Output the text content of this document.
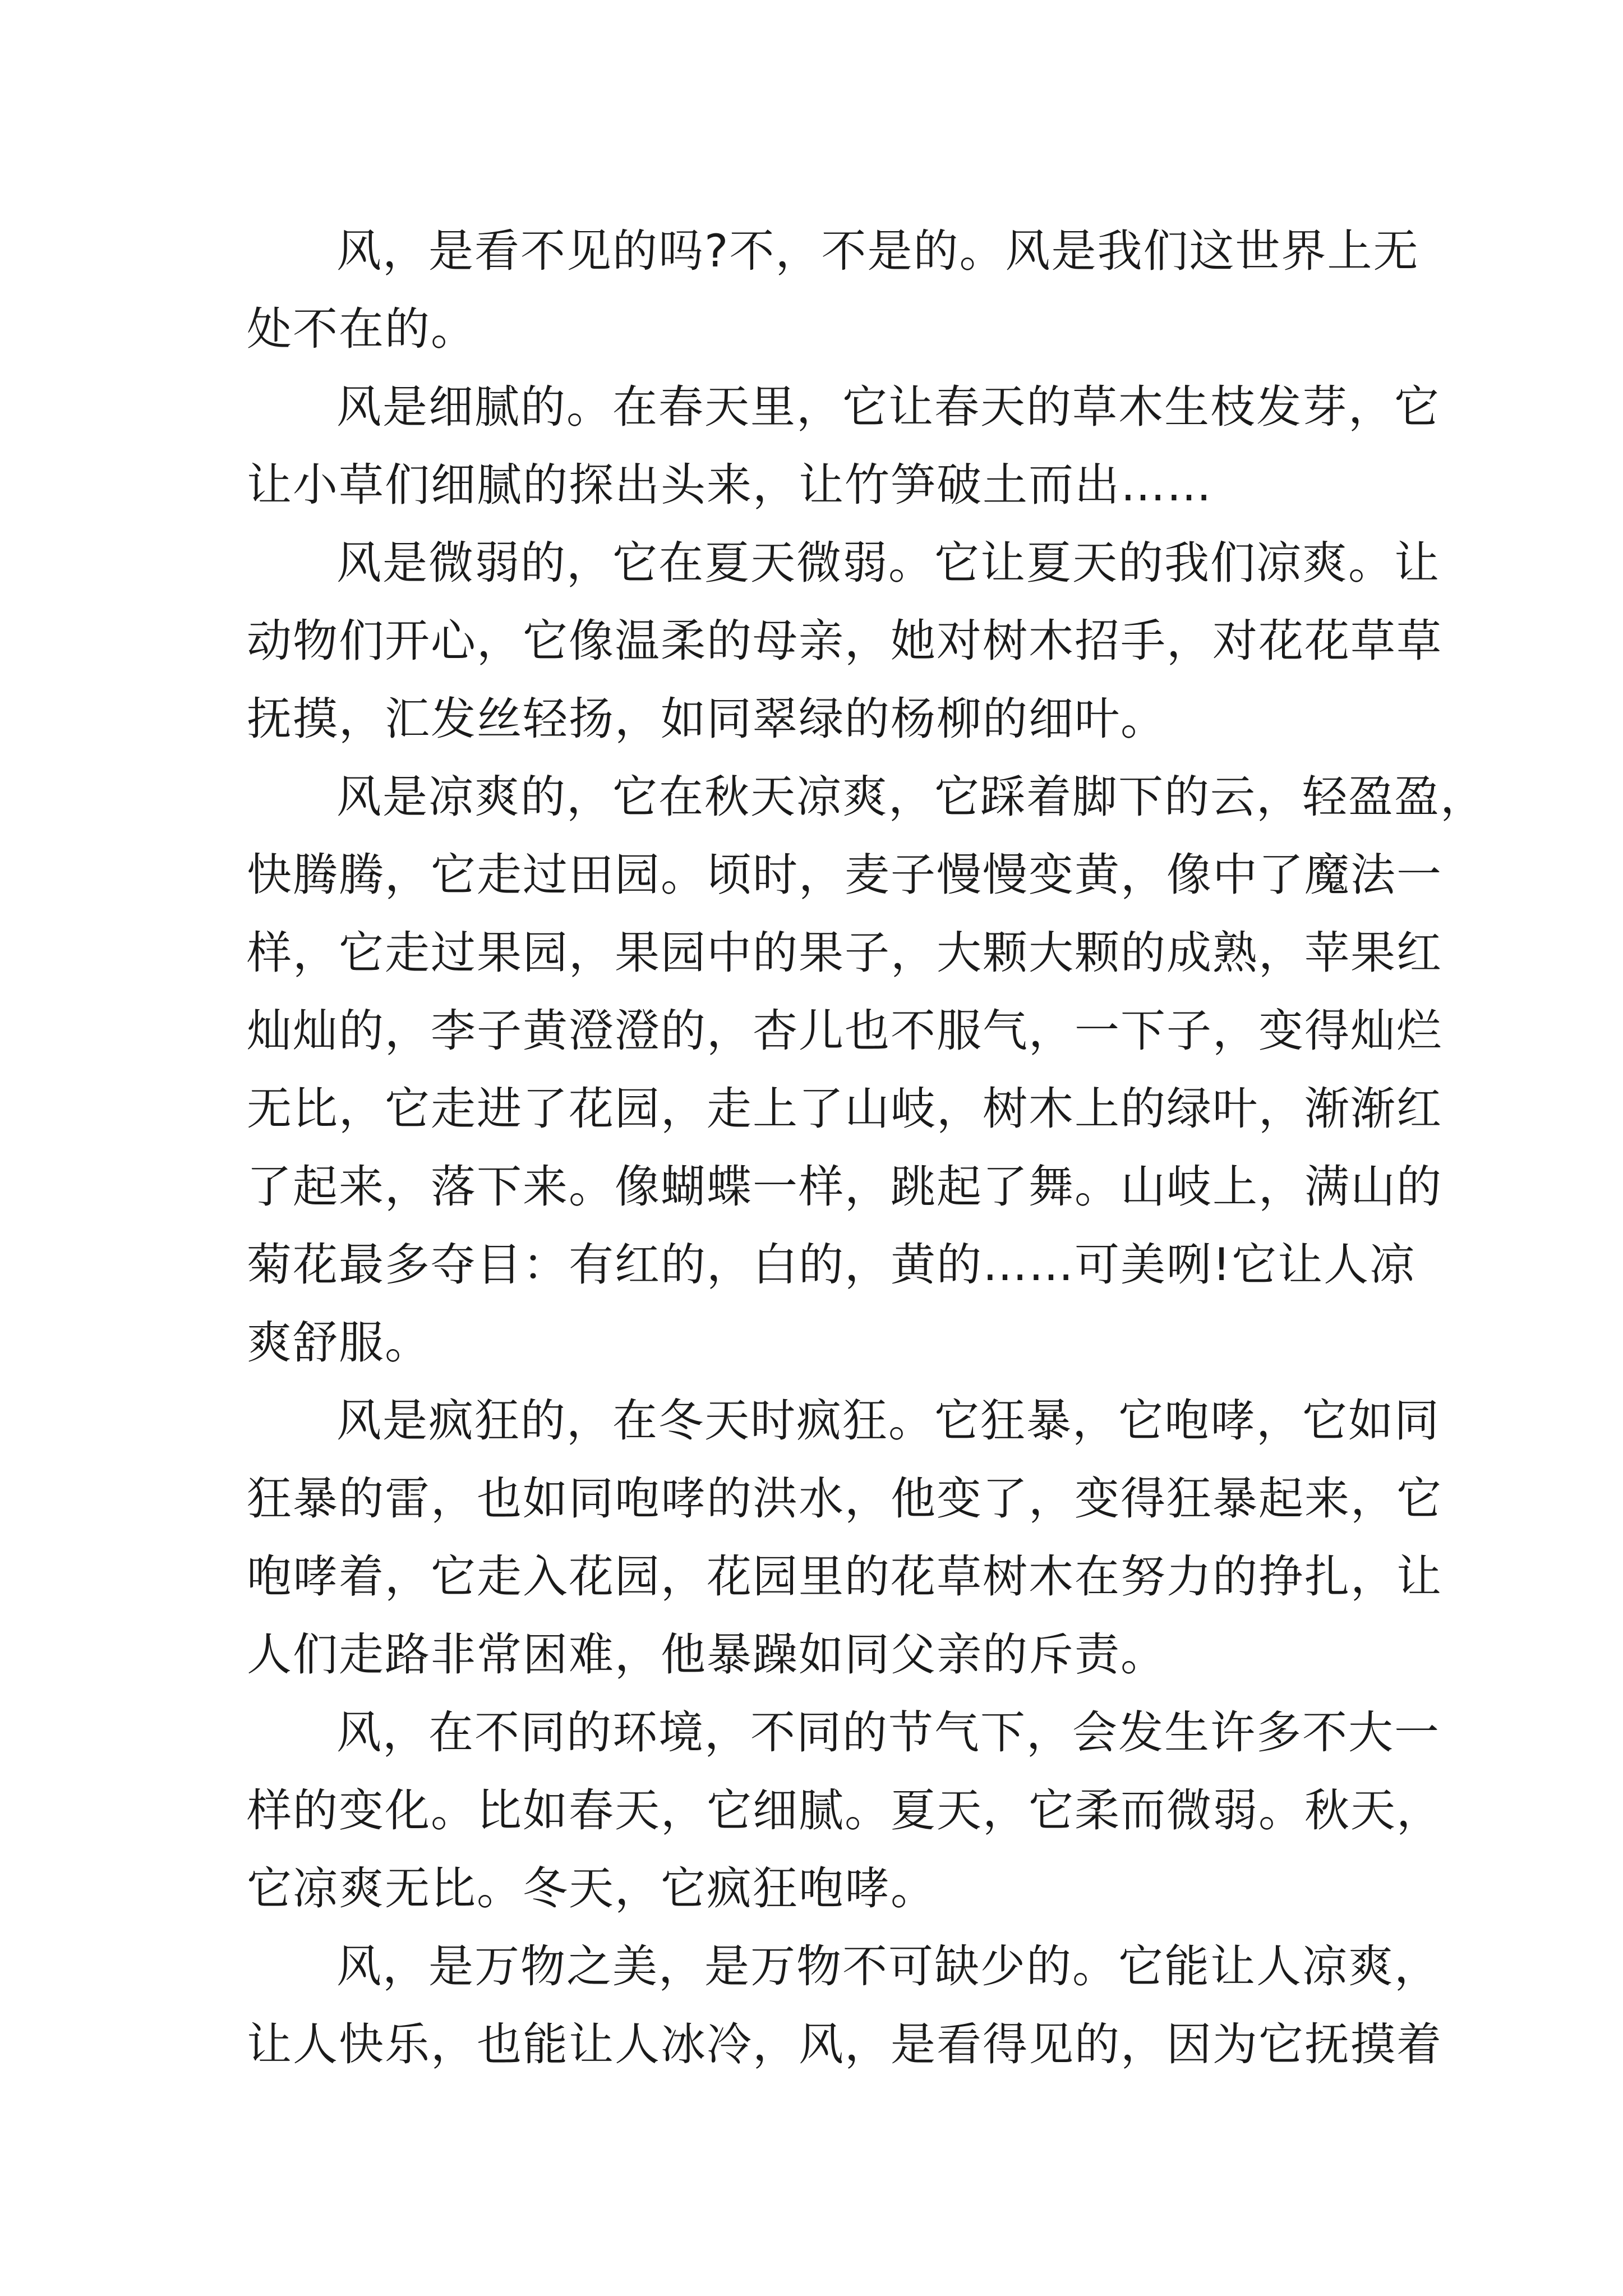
风，是看不见的吗?不，不是的。风是我们这世界上无
处不在的。
风是细腻的。在春天里，它让春天的草木生枝发芽，它
让小草们细腻的探出头来，让竹笋破土而出……
风是微弱的，它在夏天微弱。它让夏天的我们凉爽。让
动物们开心，它像温柔的母亲，她对树木招手，对花花草草
抚摸，汇发丝轻扬，如同翠绿的杨柳的细叶。
风是凉爽的，它在秋天凉爽，它踩着脚下的云，轻盈盈，
快腾腾，它走过田园。顷时，麦子慢慢变黄，像中了魔法一
样，它走过果园，果园中的果子，大颗大颗的成熟，苹果红
灿灿的，李子黄澄澄的，杏儿也不服气，一下子，变得灿烂
无比，它走进了花园，走上了山岐，树木上的绿叶，渐渐红
了起来，落下来。像蝴蝶一样，跳起了舞。山岐上，满山的
菊花最多夺目：有红的，白的，黄的……可美咧!它让人凉
爽舒服。
风是疯狂的，在冬天时疯狂。它狂暴，它咆哮，它如同
狂暴的雷，也如同咆哮的洪水，他变了，变得狂暴起来，它
咆哮着，它走入花园，花园里的花草树木在努力的挣扎，让
人们走路非常困难，他暴躁如同父亲的斥责。
风，在不同的环境，不同的节气下，会发生许多不大一
样的变化。比如春天，它细腻。夏天，它柔而微弱。秋天，
它凉爽无比。冬天，它疯狂咆哮。
风，是万物之美，是万物不可缺少的。它能让人凉爽，
让人快乐，也能让人冰冷，风，是看得见的，因为它抚摸着
